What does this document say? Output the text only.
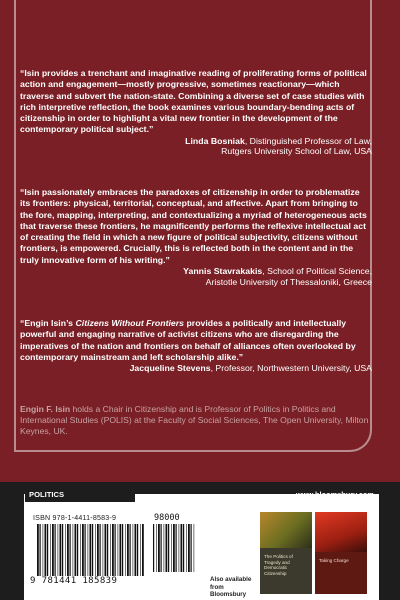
“Isin provides a trenchant and imaginative reading of proliferating forms of political action and engagement—mostly progressive, sometimes reactionary—which traverse and subvert the nation-state. Combining a diverse set of case studies with rich interpretive reflection, the book examines various boundary-bending acts of citizenship in order to highlight a vital new frontier in the development of the contemporary political subject.”

Linda Bosniak, Distinguished Professor of Law,
Rutgers University School of Law, USA

“Isin passionately embraces the paradoxes of citizenship in order to problematize its frontiers: physical, territorial, conceptual, and affective. Apart from bringing to the fore, mapping, interpreting, and contextualizing a myriad of heterogeneous acts that traverse these frontiers, he magnificently performs the reflexive intellectual act of creating the field in which a new figure of political subjectivity, citizens without frontiers, is empowered. Crucially, this is reflected both in the content and in the truly innovative form of his writing.”

Yannis Stavrakakis, School of Political Science,
Aristotle University of Thessaloniki, Greece

“Engin Isin’s Citizens Without Frontiers provides a politically and intellectually powerful and engaging narrative of activist citizens who are disregarding the imperatives of the nation and frontiers on behalf of alliances often overlooked by contemporary mainstream and left scholarship alike.”

Jacqueline Stevens, Professor, Northwestern University, USA

Engin F. Isin holds a Chair in Citizenship and is Professor of Politics in Politics and International Studies (POLIS) at the Faculty of Social Sciences, The Open University, Milton Keynes, UK.
POLITICS	www.bloomsbury.com
ISBN 978-1-4411-8583-9
9 781441 185839
98000
Also available from Bloomsbury
The Politics of Tragedy and Democratic Citizenship
Taking Charge
